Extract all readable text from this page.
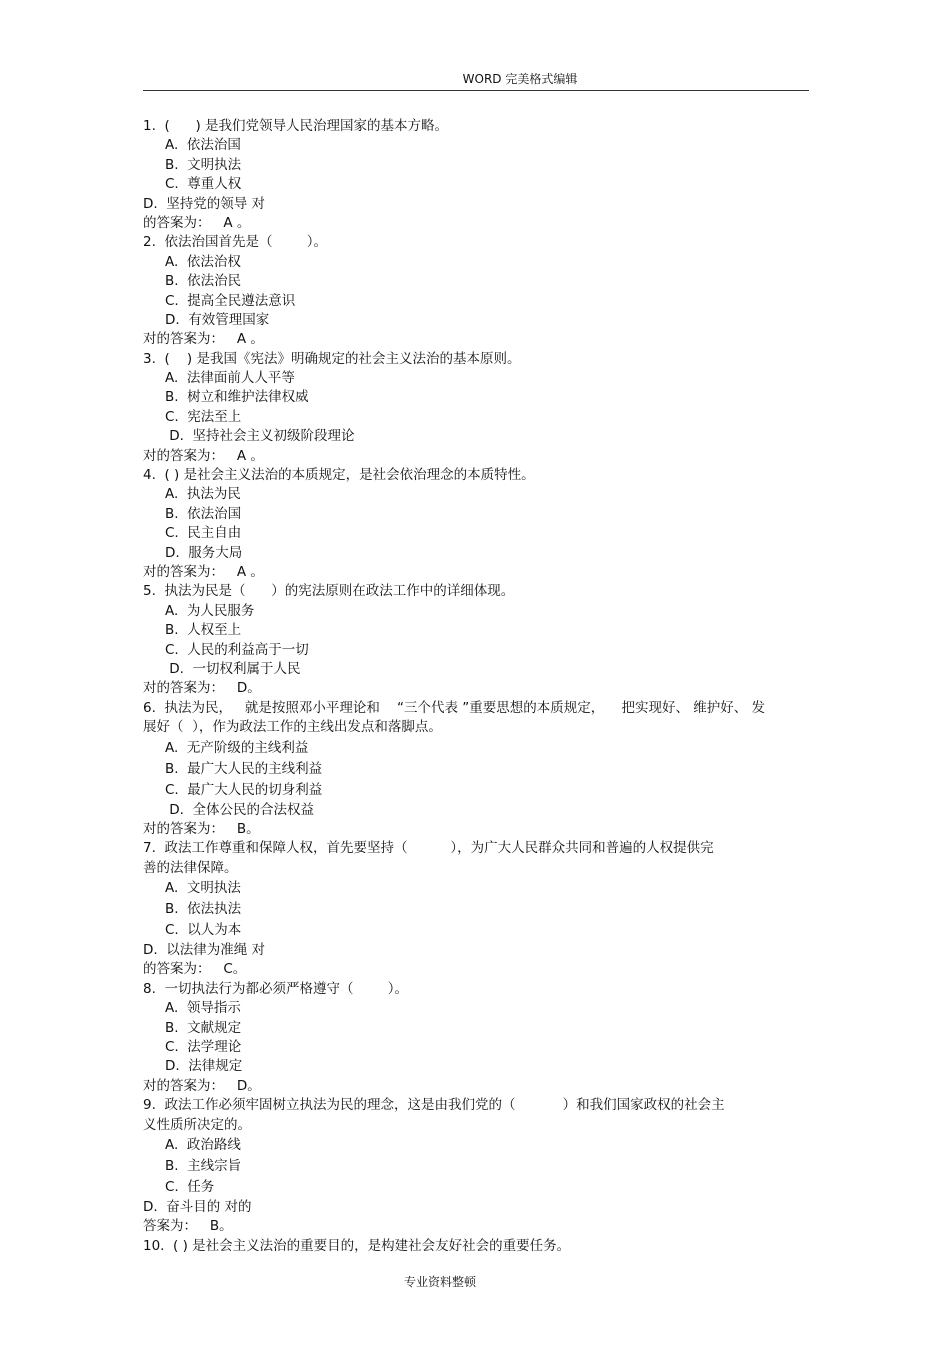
WORD 完美格式编辑
1.  (      ) 是我们党领导人民治理国家的基本方略。
A.  依法治国
B.  文明执法
C.  尊重人权
D.  坚持党的领导 对
的答案为：   A 。
2.  依法治国首先是（        ）。
A.  依法治权
B.  依法治民
C.  提高全民遵法意识
D.  有效管理国家
对的答案为：   A 。
3.  (    ) 是我国《宪法》明确规定的社会主义法治的基本原则。
A.  法律面前人人平等
B.  树立和维护法律权威
C.  宪法至上
D.  坚持社会主义初级阶段理论
对的答案为：   A 。
4.  ( ) 是社会主义法治的本质规定，是社会依治理念的本质特性。
A.  执法为民
B.  依法治国
C.  民主自由
D.  服务大局
对的答案为：   A 。
5.  执法为民是（      ）的宪法原则在政法工作中的详细体现。
A.  为人民服务
B.  人权至上
C.  人民的利益高于一切
D.  一切权利属于人民
对的答案为：   D。
6.  执法为民，   就是按照邓小平理论和    “三个代表 ”重要思想的本质规定，    把实现好、 维护好、 发
展好（  ），作为政法工作的主线出发点和落脚点。
A.  无产阶级的主线利益
B.  最广大人民的主线利益
C.  最广大人民的切身利益
D.  全体公民的合法权益
对的答案为：   B。
7.  政法工作尊重和保障人权，首先要坚持（          ），为广大人民群众共同和普遍的人权提供完
善的法律保障。
A.  文明执法
B.  依法执法
C.  以人为本
D.  以法律为准绳 对
的答案为：   C。
8.  一切执法行为都必须严格遵守（        ）。
A.  领导指示
B.  文献规定
C.  法学理论
D.  法律规定
对的答案为：   D。
9.  政法工作必须牢固树立执法为民的理念，这是由我们党的（           ）和我们国家政权的社会主
义性质所决定的。
A.  政治路线
B.  主线宗旨
C.  任务
D.  奋斗目的 对的
答案为：   B。
10.  ( ) 是社会主义法治的重要目的，是构建社会友好社会的重要任务。
专业资料整顿
